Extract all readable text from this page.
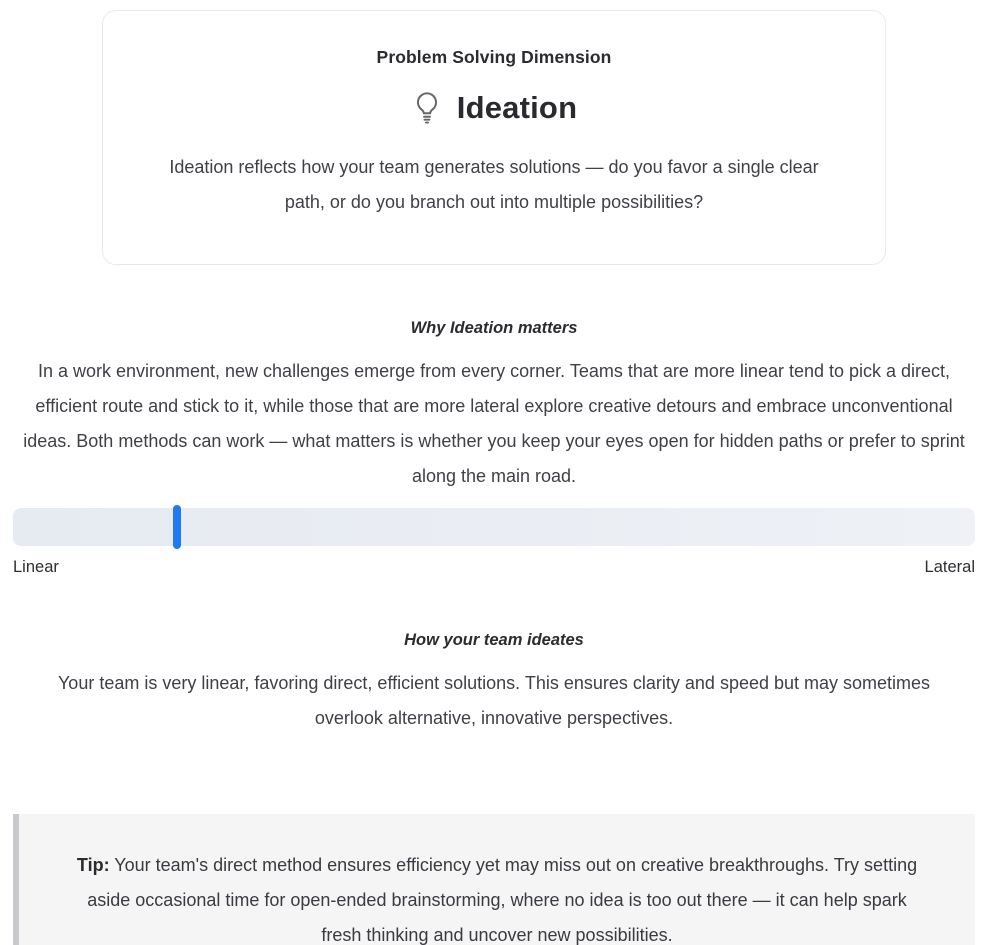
Problem Solving Dimension
Ideation
Ideation reflects how your team generates solutions — do you favor a single clear path, or do you branch out into multiple possibilities?
Why Ideation matters
In a work environment, new challenges emerge from every corner. Teams that are more linear tend to pick a direct, efficient route and stick to it, while those that are more lateral explore creative detours and embrace unconventional ideas. Both methods can work — what matters is whether you keep your eyes open for hidden paths or prefer to sprint along the main road.
Linear	Lateral
How your team ideates
Your team is very linear, favoring direct, efficient solutions. This ensures clarity and speed but may sometimes overlook alternative, innovative perspectives.
Tip: Your team's direct method ensures efficiency yet may miss out on creative breakthroughs. Try setting aside occasional time for open-ended brainstorming, where no idea is too out there — it can help spark fresh thinking and uncover new possibilities.
